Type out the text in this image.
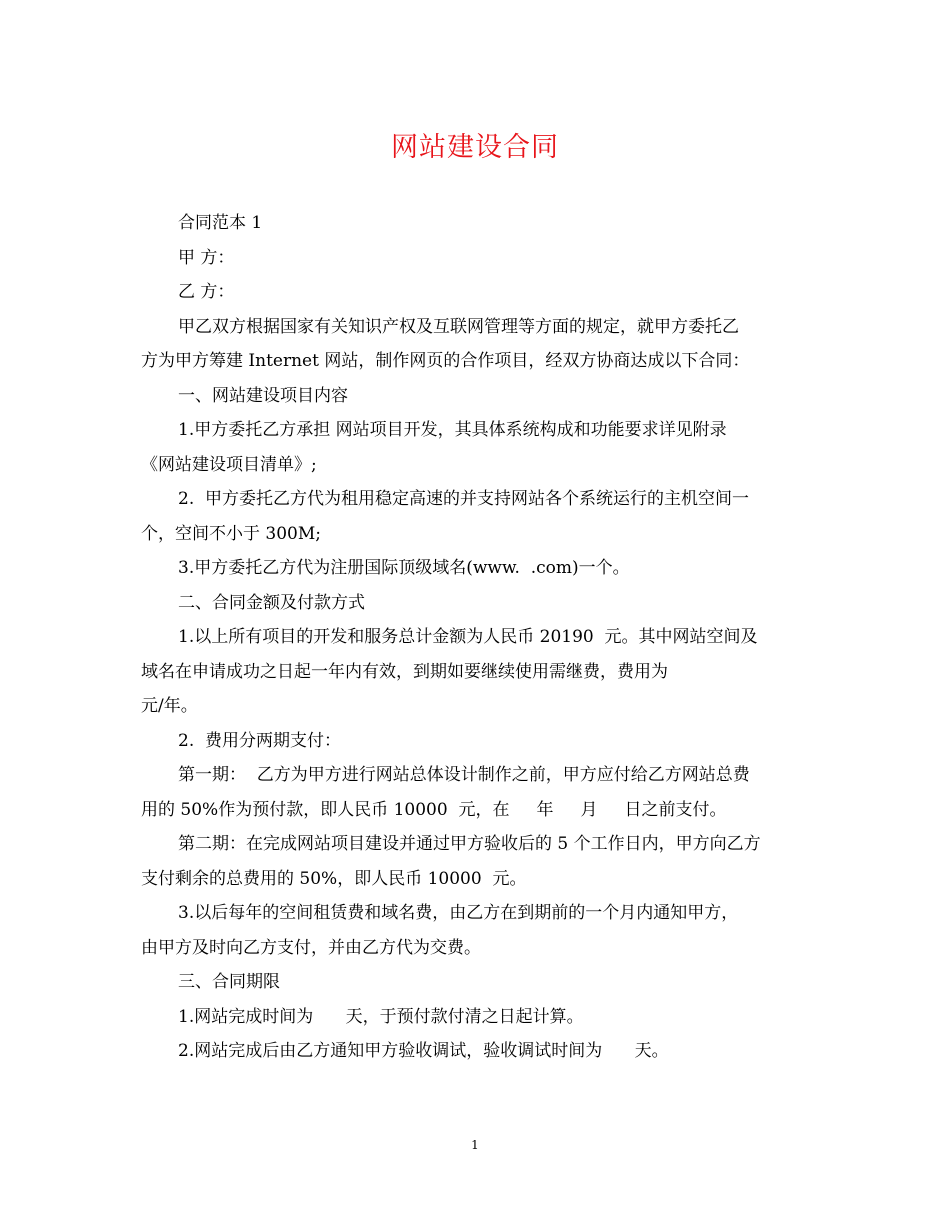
网站建设合同
合同范本 1
甲 方：
乙 方：
甲乙双方根据国家有关知识产权及互联网管理等方面的规定，就甲方委托乙
方为甲方筹建 Internet 网站，制作网页的合作项目，经双方协商达成以下合同：
一、网站建设项目内容
1.甲方委托乙方承担 网站项目开发，其具体系统构成和功能要求详见附录
《网站建设项目清单》;
2.  甲方委托乙方代为租用稳定高速的并支持网站各个系统运行的主机空间一
个，空间不小于 300M;
3.甲方委托乙方代为注册国际顶级域名(www.  .com)一个。
二、合同金额及付款方式
1.以上所有项目的开发和服务总计金额为人民币 20190  元。其中网站空间及
域名在申请成功之日起一年内有效，到期如要继续使用需继费，费用为
元/年。
2.  费用分两期支付：
第一期：  乙方为甲方进行网站总体设计制作之前，甲方应付给乙方网站总费
用的 50%作为预付款，即人民币 10000  元，在     年     月     日之前支付。
第二期：在完成网站项目建设并通过甲方验收后的 5 个工作日内，甲方向乙方
支付剩余的总费用的 50%，即人民币 10000  元。
3.以后每年的空间租赁费和域名费，由乙方在到期前的一个月内通知甲方，
由甲方及时向乙方支付，并由乙方代为交费。
三、合同期限
1.网站完成时间为      天，于预付款付清之日起计算。
2.网站完成后由乙方通知甲方验收调试，验收调试时间为      天。
1
